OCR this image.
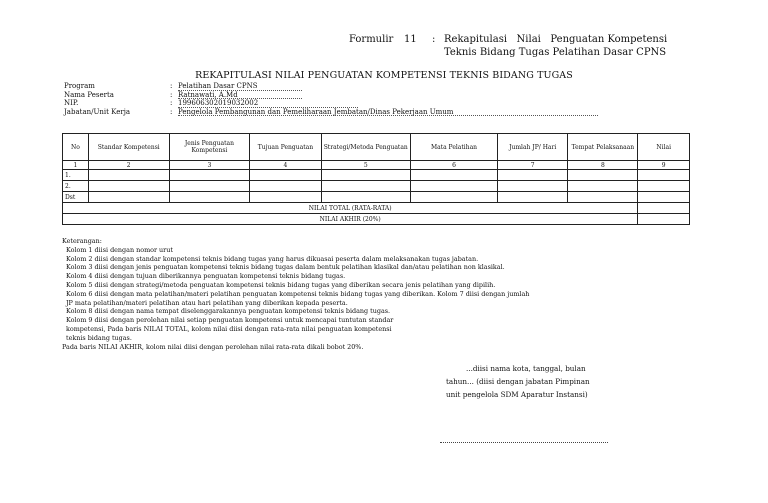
Formulir 11 : Rekapitulasi   Nilai   Penguatan Kompetensi
Teknis Bidang Tugas Pelatihan Dasar CPNS
REKAPITULASI NILAI PENGUATAN KOMPETENSI TEKNIS BIDANG TUGAS
Program	: Pelatihan Dasar CPNS
Nama Peserta	: Ratnawati, A.Md
NIP.	: 199606302019032002
Jabatan/Unit Kerja	: Pengelola Pembangunan dan Pemeliharaan Jembatan/Dinas Pekerjaan Umum
No	Standar Kompetensi	Jenis Penguatan Kompetensi	Tujuan Penguatan	Strategi/Metoda Penguatan	Mata Pelatihan	Jumlah JP/ Hari	Tempat Pelaksanaan	Nilai
1	2	3	4	5	6	7	8	9
1.								
2.								
Dst								
NILAI TOTAL (RATA-RATA)								
NILAI AKHIR (20%)								
Keterangan:
Kolom 1 diisi dengan nomor urut
Kolom 2 diisi dengan standar kompetensi teknis bidang tugas yang harus dikuasai peserta dalam melaksanakan tugas jabatan.
Kolom 3 diisi dengan jenis penguatan kompetensi teknis bidang tugas dalam bentuk pelatihan klasikal dan/atau pelatihan non klasikal.
Kolom 4 diisi dengan tujuan diberikannya penguatan kompetensi teknis bidang tugas.
Kolom 5 diisi dengan strategi/metoda penguatan kompetensi teknis bidang tugas yang diberikan secara jenis pelatihan yang dipilih.
Kolom 6 diisi dengan mata pelatihan/materi pelatihan penguatan kompetensi teknis bidang tugas yang diberikan. Kolom 7 diisi dengan jumlah
JP mata pelatihan/materi pelatihan atau hari pelatihan yang diberikan kepada peserta.
Kolom 8 diisi dengan nama tempat diselenggarakannya penguatan kompetensi teknis bidang tugas.
Kolom 9 diisi dengan perolehan nilai setiap penguatan kompetensi untuk mencapai tuntutan standar
kompetensi, Pada baris NILAI TOTAL, kolom nilai diisi dengan rata-rata nilai penguatan kompetensi
teknis bidang tugas.
Pada baris NILAI AKHIR, kolom nilai diisi dengan perolehan nilai rata-rata dikali bobot 20%.
...diisi nama kota, tanggal, bulan
tahun... (diisi dengan jabatan Pimpinan
unit pengelola SDM Aparatur Instansi)
